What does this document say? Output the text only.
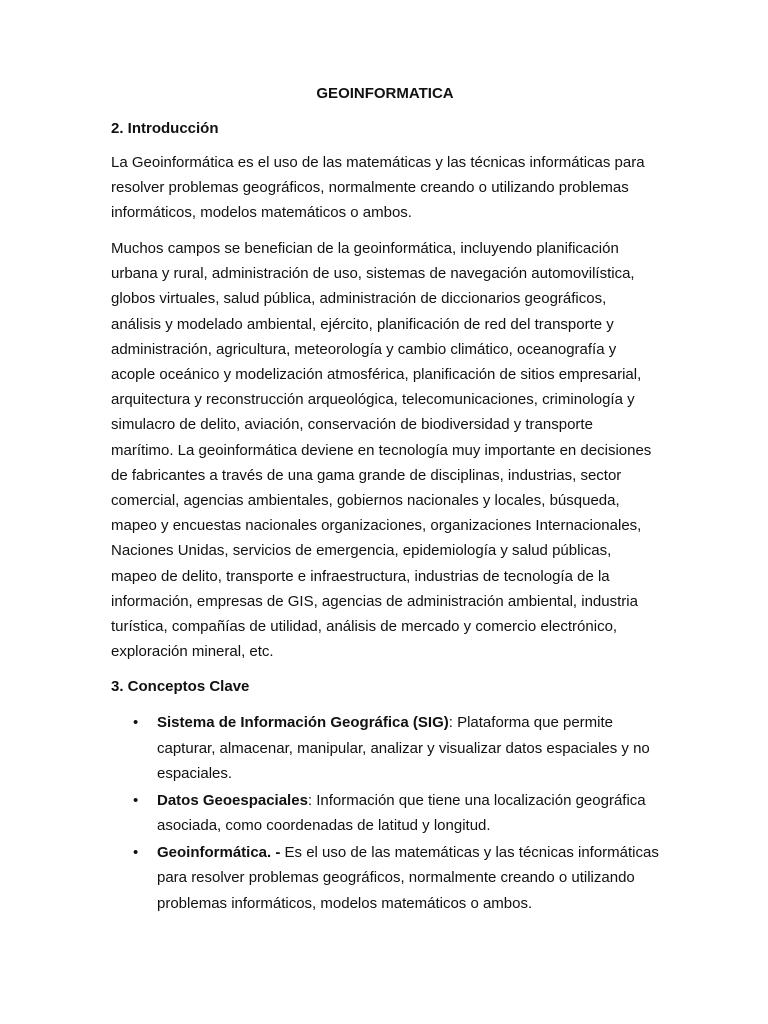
GEOINFORMATICA
2. Introducción

La Geoinformática es el uso de las matemáticas y las técnicas informáticas para resolver problemas geográficos, normalmente creando o utilizando problemas informáticos, modelos matemáticos o ambos.

Muchos campos se benefician de la geoinformática, incluyendo planificación urbana y rural, administración de uso, sistemas de navegación automovilística, globos virtuales, salud pública, administración de diccionarios geográficos, análisis y modelado ambiental, ejército, planificación de red del transporte y administración, agricultura, meteorología y cambio climático, oceanografía y acople oceánico y modelización atmosférica, planificación de sitios empresarial, arquitectura y reconstrucción arqueológica, telecomunicaciones, criminología y simulacro de delito, aviación, conservación de biodiversidad y transporte marítimo. La geoinformática deviene en tecnología muy importante en decisiones de fabricantes a través de una gama grande de disciplinas, industrias, sector comercial, agencias ambientales, gobiernos nacionales y locales, búsqueda, mapeo y encuestas nacionales organizaciones, organizaciones Internacionales, Naciones Unidas, servicios de emergencia, epidemiología y salud públicas, mapeo de delito, transporte e infraestructura, industrias de tecnología de la información, empresas de GIS, agencias de administración ambiental, industria turística, compañías de utilidad, análisis de mercado y comercio electrónico, exploración mineral, etc.

3. Conceptos Clave
• Sistema de Información Geográfica (SIG): Plataforma que permite capturar, almacenar, manipular, analizar y visualizar datos espaciales y no espaciales.
• Datos Geoespaciales: Información que tiene una localización geográfica asociada, como coordenadas de latitud y longitud.
• Geoinformática. - Es el uso de las matemáticas y las técnicas informáticas para resolver problemas geográficos, normalmente creando o utilizando problemas informáticos, modelos matemáticos o ambos.
